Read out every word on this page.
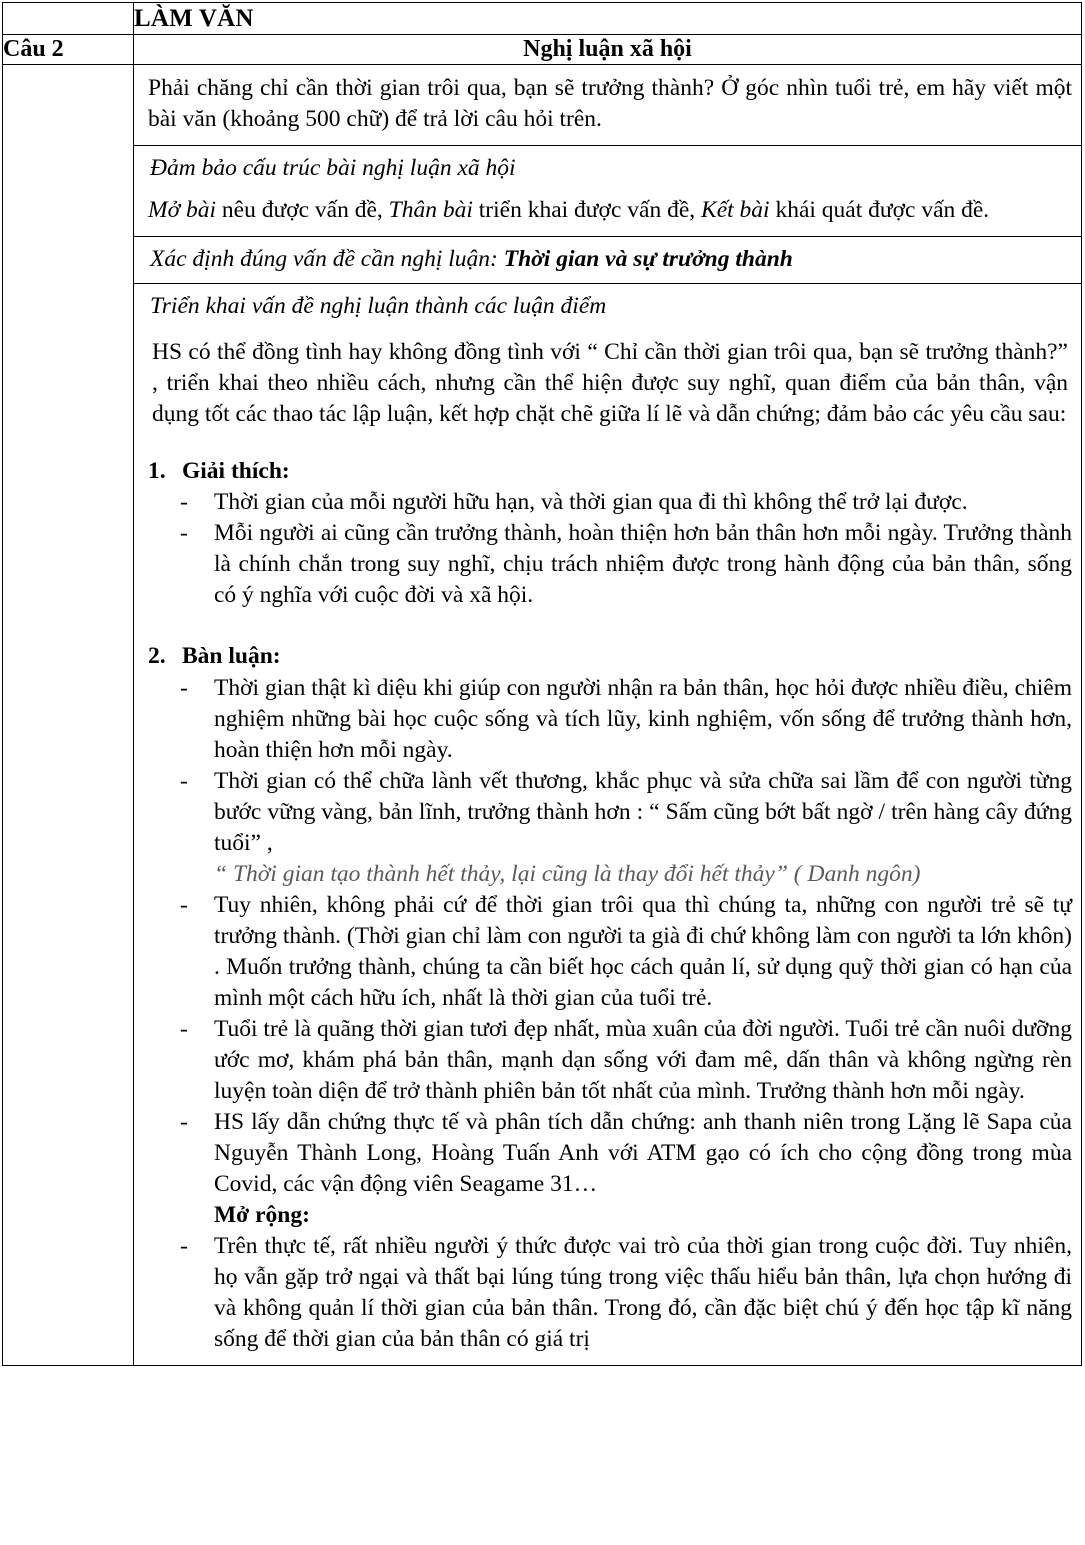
	LÀM VĂN
Câu 2	Nghị luận xã hội

Phải chăng chỉ cần thời gian trôi qua, bạn sẽ trưởng thành? Ở góc nhìn tuổi trẻ, em hãy viết một bài văn (khoảng 500 chữ) để trả lời câu hỏi trên.

Đảm bảo cấu trúc bài nghị luận xã hội

Mở bài nêu được vấn đề, Thân bài triển khai được vấn đề, Kết bài khái quát được vấn đề.

Xác định đúng vấn đề cần nghị luận: Thời gian và sự trưởng thành

Triển khai vấn đề nghị luận thành các luận điểm

HS có thể đồng tình hay không đồng tình với “ Chỉ cần thời gian trôi qua, bạn sẽ trưởng thành?” , triển khai theo nhiều cách, nhưng cần thể hiện được suy nghĩ, quan điểm của bản thân, vận dụng tốt các thao tác lập luận, kết hợp chặt chẽ giữa lí lẽ và dẫn chứng; đảm bảo các yêu cầu sau:

1. Giải thích:

- Thời gian của mỗi người hữu hạn, và thời gian qua đi thì không thể trở lại được.
- Mỗi người ai cũng cần trưởng thành, hoàn thiện hơn bản thân hơn mỗi ngày. Trưởng thành là chính chắn trong suy nghĩ, chịu trách nhiệm được trong hành động của bản thân, sống có ý nghĩa với cuộc đời và xã hội.

2. Bàn luận:

- Thời gian thật kì diệu khi giúp con người nhận ra bản thân, học hỏi được nhiều điều, chiêm nghiệm những bài học cuộc sống và tích lũy, kinh nghiệm, vốn sống để trưởng thành hơn, hoàn thiện hơn mỗi ngày.
- Thời gian có thể chữa lành vết thương, khắc phục và sửa chữa sai lầm để con người từng bước vững vàng, bản lĩnh, trưởng thành hơn : “ Sấm cũng bớt bất ngờ / trên hàng cây đứng tuổi” ,
“ Thời gian tạo thành hết thảy, lại cũng là thay đổi hết thảy” ( Danh ngôn)
- Tuy nhiên, không phải cứ để thời gian trôi qua thì chúng ta, những con người trẻ sẽ tự trưởng thành. (Thời gian chỉ làm con người ta già đi chứ không làm con người ta lớn khôn) . Muốn trưởng thành, chúng ta cần biết học cách quản lí, sử dụng quỹ thời gian có hạn của mình một cách hữu ích, nhất là thời gian của tuổi trẻ.
- Tuổi trẻ là quãng thời gian tươi đẹp nhất, mùa xuân của đời người. Tuổi trẻ cần nuôi dưỡng ước mơ, khám phá bản thân, mạnh dạn sống với đam mê, dấn thân và không ngừng rèn luyện toàn diện để trở thành phiên bản tốt nhất của mình. Trưởng thành hơn mỗi ngày.
- HS lấy dẫn chứng thực tế và phân tích dẫn chứng: anh thanh niên trong Lặng lẽ Sapa của Nguyễn Thành Long, Hoàng Tuấn Anh với ATM gạo có ích cho cộng đồng trong mùa Covid, các vận động viên Seagame 31…
Mở rộng:
- Trên thực tế, rất nhiều người ý thức được vai trò của thời gian trong cuộc đời. Tuy nhiên, họ vẫn gặp trở ngại và thất bại lúng túng trong việc thấu hiểu bản thân, lựa chọn hướng đi và không quản lí thời gian của bản thân. Trong đó, cần đặc biệt chú ý đến học tập kĩ năng sống để thời gian của bản thân có giá trị
